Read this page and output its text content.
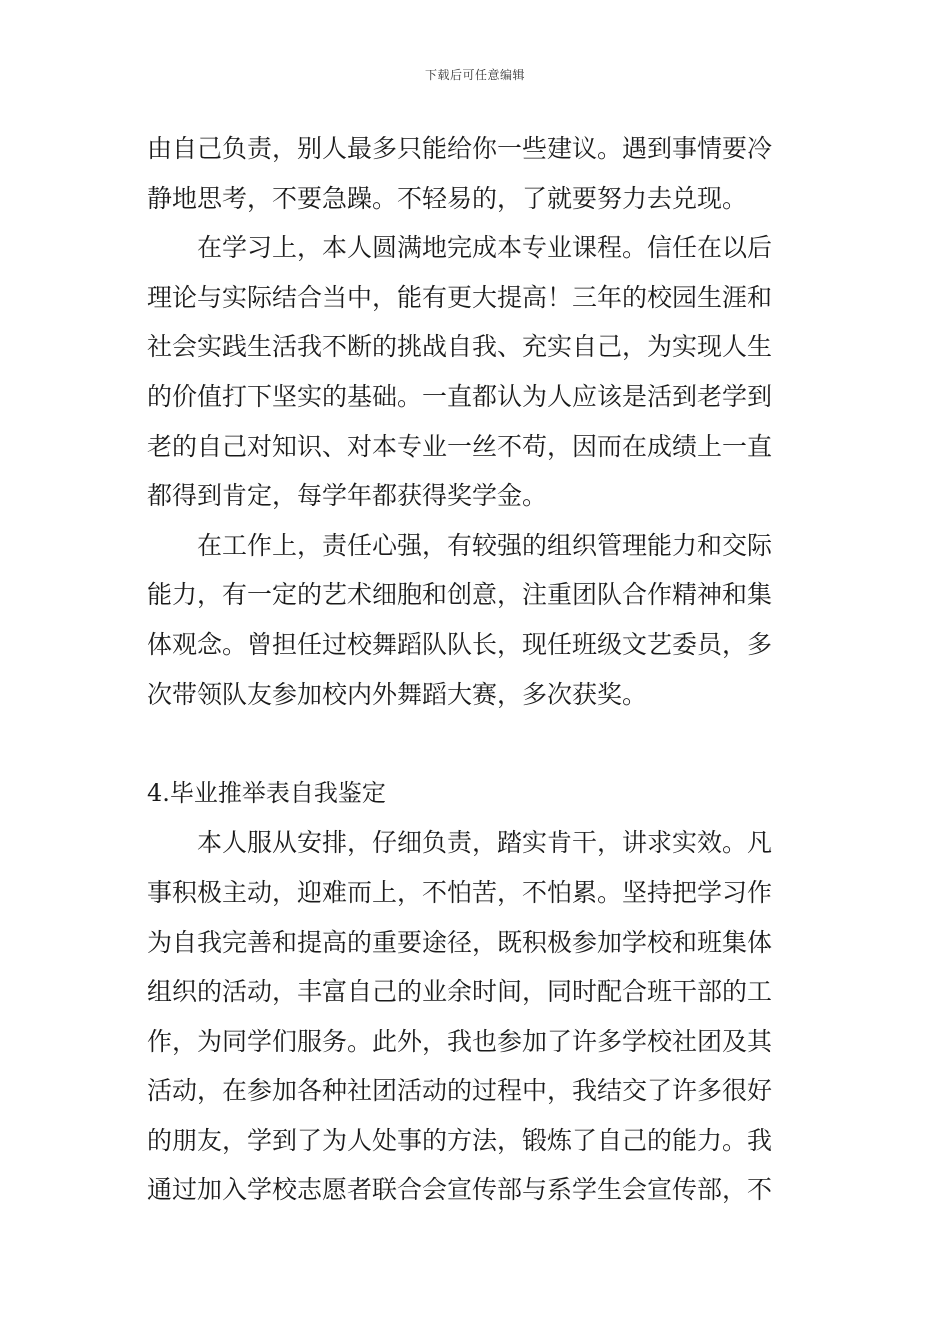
下载后可任意编辑
由自己负责，别人最多只能给你一些建议。遇到事情要冷
静地思考，不要急躁。不轻易的，了就要努力去兑现。
在学习上，本人圆满地完成本专业课程。信任在以后
理论与实际结合当中，能有更大提高！三年的校园生涯和
社会实践生活我不断的挑战自我、充实自己，为实现人生
的价值打下坚实的基础。一直都认为人应该是活到老学到
老的自己对知识、对本专业一丝不苟，因而在成绩上一直
都得到肯定，每学年都获得奖学金。
在工作上，责任心强，有较强的组织管理能力和交际
能力，有一定的艺术细胞和创意，注重团队合作精神和集
体观念。曾担任过校舞蹈队队长，现任班级文艺委员，多
次带领队友参加校内外舞蹈大赛，多次获奖。
4.毕业推举表自我鉴定
本人服从安排，仔细负责，踏实肯干，讲求实效。凡
事积极主动，迎难而上，不怕苦，不怕累。坚持把学习作
为自我完善和提高的重要途径，既积极参加学校和班集体
组织的活动，丰富自己的业余时间，同时配合班干部的工
作，为同学们服务。此外，我也参加了许多学校社团及其
活动，在参加各种社团活动的过程中，我结交了许多很好
的朋友，学到了为人处事的方法，锻炼了自己的能力。我
通过加入学校志愿者联合会宣传部与系学生会宣传部，不
